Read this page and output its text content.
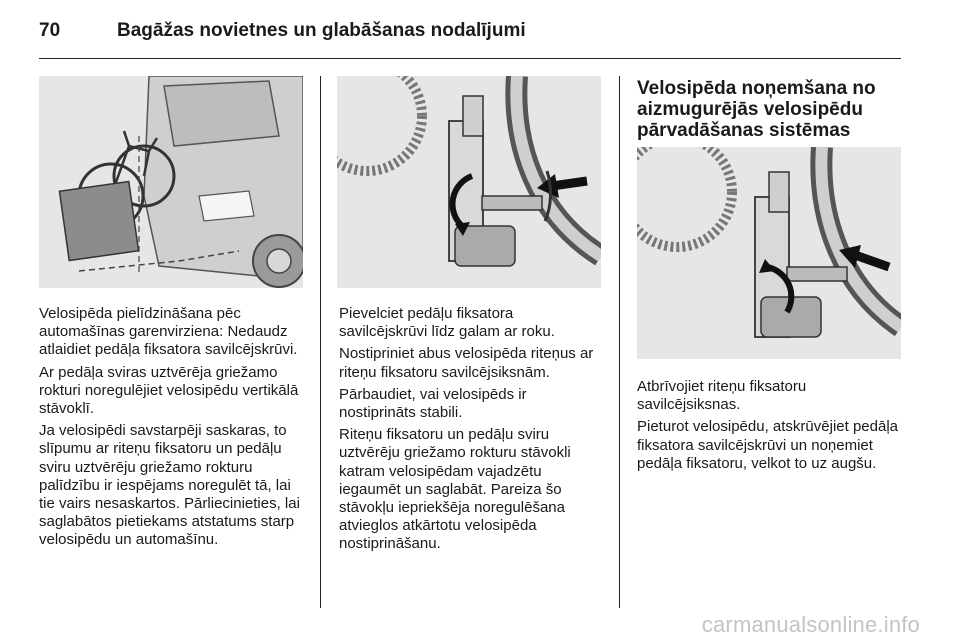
70	Bagāžas novietnes un glabāšanas nodalījumi

Velosipēda pielīdzināšana pēc automašīnas garenvirziena: Nedaudz atlaidiet pedāļa fiksatora savilcējskrūvi.

Ar pedāļa sviras uztvērēja griežamo rokturi noregulējiet velosipēdu vertikālā stāvoklī.

Ja velosipēdi savstarpēji saskaras, to slīpumu ar riteņu fiksatoru un pedāļu sviru uztvērēju griežamo rokturu palīdzību ir iespējams noregulēt tā, lai tie vairs nesaskartos. Pārliecinieties, lai saglabātos pietiekams atstatums starp velosipēdu un automašīnu.

Pievelciet pedāļu fiksatora savilcējskrūvi līdz galam ar roku.

Nostipriniet abus velosipēda riteņus ar riteņu fiksatoru savilcējsiksnām.

Pārbaudiet, vai velosipēds ir nostiprināts stabili.

Riteņu fiksatoru un pedāļu sviru uztvērēju griežamo rokturu stāvokli katram velosipēdam vajadzētu iegaumēt un saglabāt. Pareiza šo stāvokļu iepriekšēja noregulēšana atvieglos atkārtotu velosipēda nostiprināšanu.

Velosipēda noņemšana no aizmugurējās velosipēdu pārvadāšanas sistēmas

Atbrīvojiet riteņu fiksatoru savilcējsiksnas.

Pieturot velosipēdu, atskrūvējiet pedāļa fiksatora savilcējskrūvi un noņemiet pedāļa fiksatoru, velkot to uz augšu.

carmanualsonline.info
